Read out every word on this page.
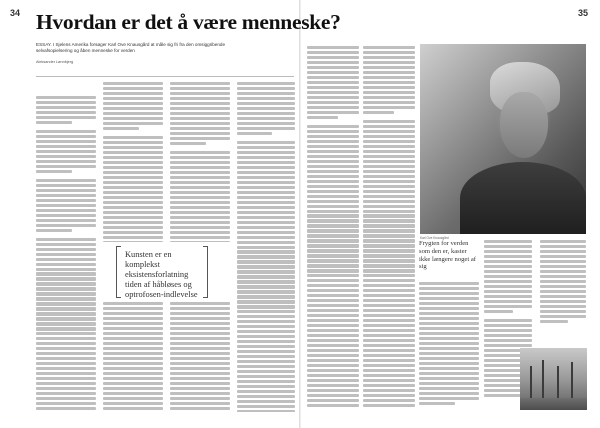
34	35
Hvordan er det å være menneske?
ESSAY. I Sjelens Amerika forsøger Karl Ove Knausgård at måle sig fri fra den omsiggribende selvafsopielsering og åben menneske for verden
Aleksander Lønnbjerg
Kunsten er en komplekst eksistensforlatning tiden af håbløses og optrofosen-indlevelse
Karl Ove Knausgård
Frygten for verden som den er, kaster ikke længere noget af sig
